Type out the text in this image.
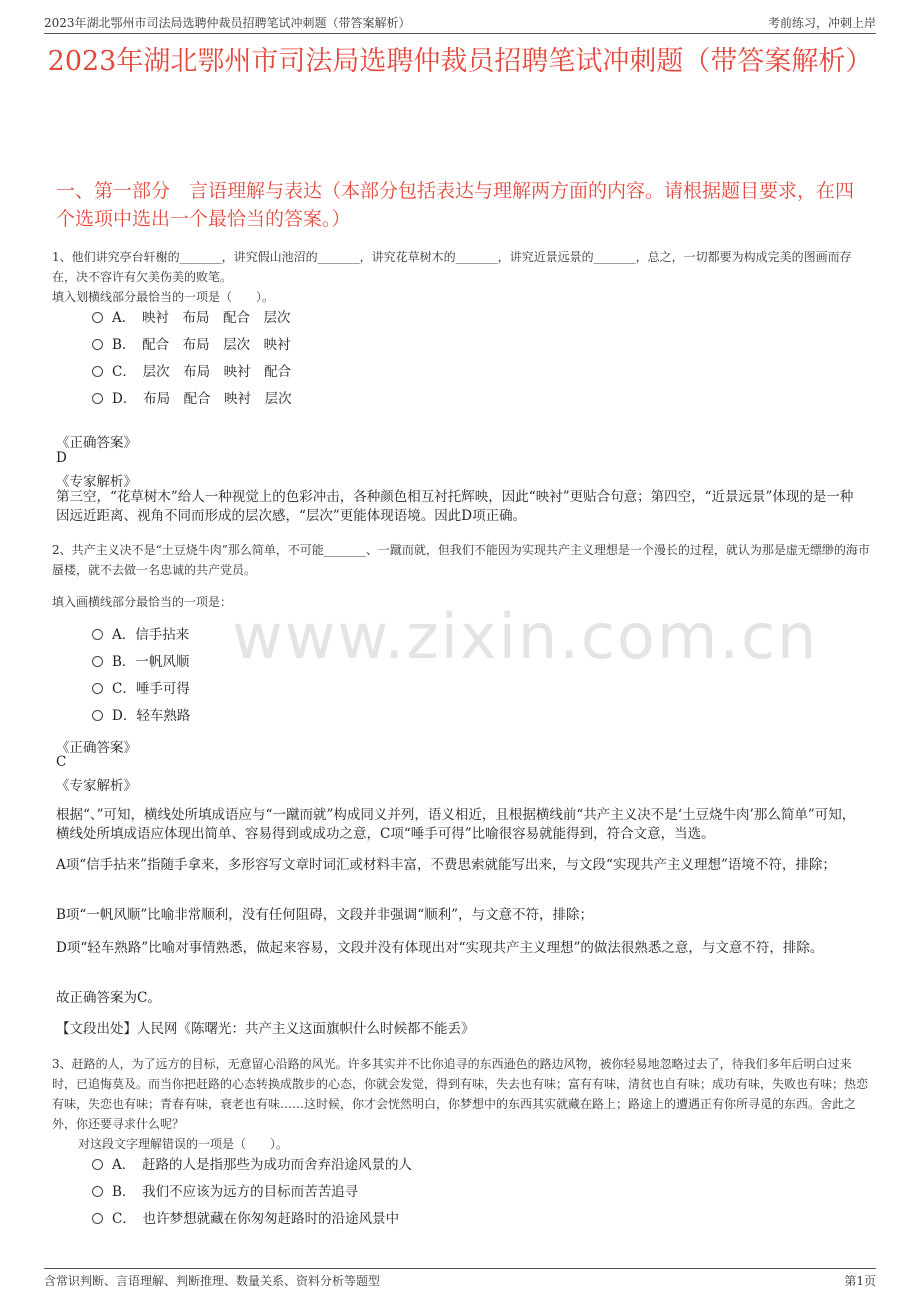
2023年湖北鄂州市司法局选聘仲裁员招聘笔试冲刺题（带答案解析）	考前练习，冲刺上岸
www.zixin.com.cn
2023年湖北鄂州市司法局选聘仲裁员招聘笔试冲刺题（带答案解析）
一、第一部分　言语理解与表达（本部分包括表达与理解两方面的内容。请根据题目要求，在四个选项中选出一个最恰当的答案。）
1、他们讲究亭台轩榭的_______，讲究假山池沼的_______，讲究花草树木的_______，讲究近景远景的_______，总之，一切都要为构成完美的图画而存在，决不容许有欠美伤美的败笔。
填入划横线部分最恰当的一项是（　　）。
A．　映衬　布局　配合　层次
B．　配合　布局　层次　映衬
C．　层次　布局　映衬　配合
D．　布局　配合　映衬　层次
《正确答案》
D
《专家解析》
第三空，“花草树木”给人一种视觉上的色彩冲击，各种颜色相互衬托辉映，因此“映衬”更贴合句意；第四空，“近景远景”体现的是一种因远近距离、视角不同而形成的层次感，“层次”更能体现语境。因此D项正确。
2、共产主义决不是“土豆烧牛肉”那么简单，不可能_______、一蹴而就，但我们不能因为实现共产主义理想是一个漫长的过程，就认为那是虚无缥缈的海市蜃楼，就不去做一名忠诚的共产党员。
填入画横线部分最恰当的一项是：
A．信手拈来
B．一帆风顺
C．唾手可得
D．轻车熟路
《正确答案》
C
《专家解析》
根据“、”可知，横线处所填成语应与“一蹴而就”构成同义并列，语义相近，且根据横线前“共产主义决不是‘土豆烧牛肉’那么简单”可知，横线处所填成语应体现出简单、容易得到或成功之意，C项“唾手可得”比喻很容易就能得到，符合文意，当选。
A项“信手拈来”指随手拿来，多形容写文章时词汇或材料丰富，不费思索就能写出来，与文段“实现共产主义理想”语境不符，排除；
B项“一帆风顺”比喻非常顺利，没有任何阻碍，文段并非强调“顺利”，与文意不符，排除；
D项“轻车熟路”比喻对事情熟悉，做起来容易，文段并没有体现出对“实现共产主义理想”的做法很熟悉之意，与文意不符，排除。
故正确答案为C。
【文段出处】人民网《陈曙光：共产主义这面旗帜什么时候都不能丢》
3、赶路的人，为了远方的目标，无意留心沿路的风光。许多其实并不比你追寻的东西逊色的路边风物，被你轻易地忽略过去了，待我们多年后明白过来时，已追悔莫及。而当你把赶路的心态转换成散步的心态，你就会发觉，得到有味，失去也有味；富有有味，清贫也自有味；成功有味，失败也有味；热恋有味，失恋也有味；青春有味，衰老也有味……这时候，你才会恍然明白，你梦想中的东西其实就藏在路上；路途上的遭遇正有你所寻觅的东西。舍此之外，你还要寻求什么呢？
对这段文字理解错误的一项是（　　）。
A．　赶路的人是指那些为成功而舍弃沿途风景的人
B．　我们不应该为远方的目标而苦苦追寻
C．　也许梦想就藏在你匆匆赶路时的沿途风景中
含常识判断、言语理解、判断推理、数量关系、资料分析等题型	第1页
